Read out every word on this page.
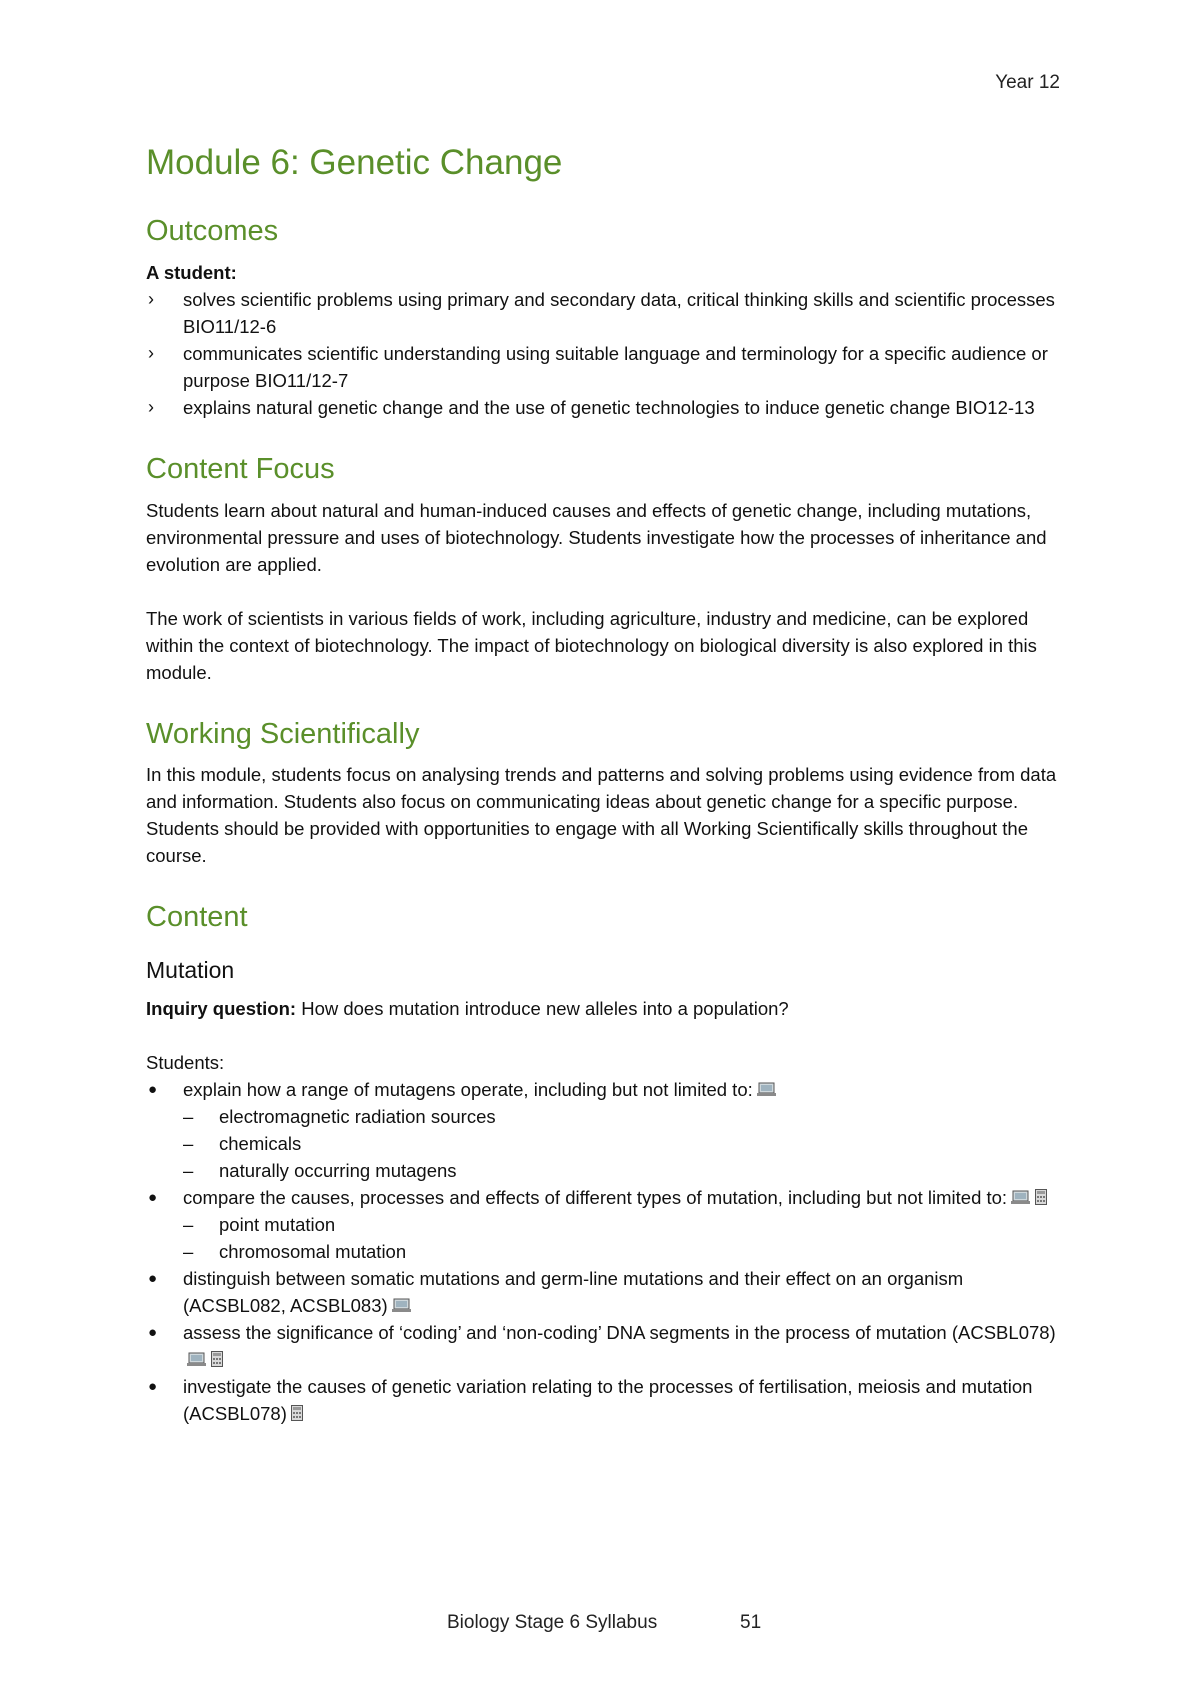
Year 12
Module 6: Genetic Change
Outcomes
A student:
› solves scientific problems using primary and secondary data, critical thinking skills and scientific processes BIO11/12-6
› communicates scientific understanding using suitable language and terminology for a specific audience or purpose BIO11/12-7
› explains natural genetic change and the use of genetic technologies to induce genetic change BIO12-13
Content Focus

Students learn about natural and human-induced causes and effects of genetic change, including mutations, environmental pressure and uses of biotechnology. Students investigate how the processes of inheritance and evolution are applied.

The work of scientists in various fields of work, including agriculture, industry and medicine, can be explored within the context of biotechnology. The impact of biotechnology on biological diversity is also explored in this module.

Working Scientifically

In this module, students focus on analysing trends and patterns and solving problems using evidence from data and information. Students also focus on communicating ideas about genetic change for a specific purpose. Students should be provided with opportunities to engage with all Working Scientifically skills throughout the course.

Content
Mutation

Inquiry question: How does mutation introduce new alleles into a population?

Students:

● explain how a range of mutagens operate, including but not limited to:
– electromagnetic radiation sources
– chemicals
– naturally occurring mutagens
● compare the causes, processes and effects of different types of mutation, including but not limited to:
– point mutation
– chromosomal mutation
● distinguish between somatic mutations and germ-line mutations and their effect on an organism (ACSBL082, ACSBL083)
● assess the significance of ‘coding’ and ‘non-coding’ DNA segments in the process of mutation (ACSBL078)
● investigate the causes of genetic variation relating to the processes of fertilisation, meiosis and mutation (ACSBL078)
Biology Stage 6 Syllabus	51
